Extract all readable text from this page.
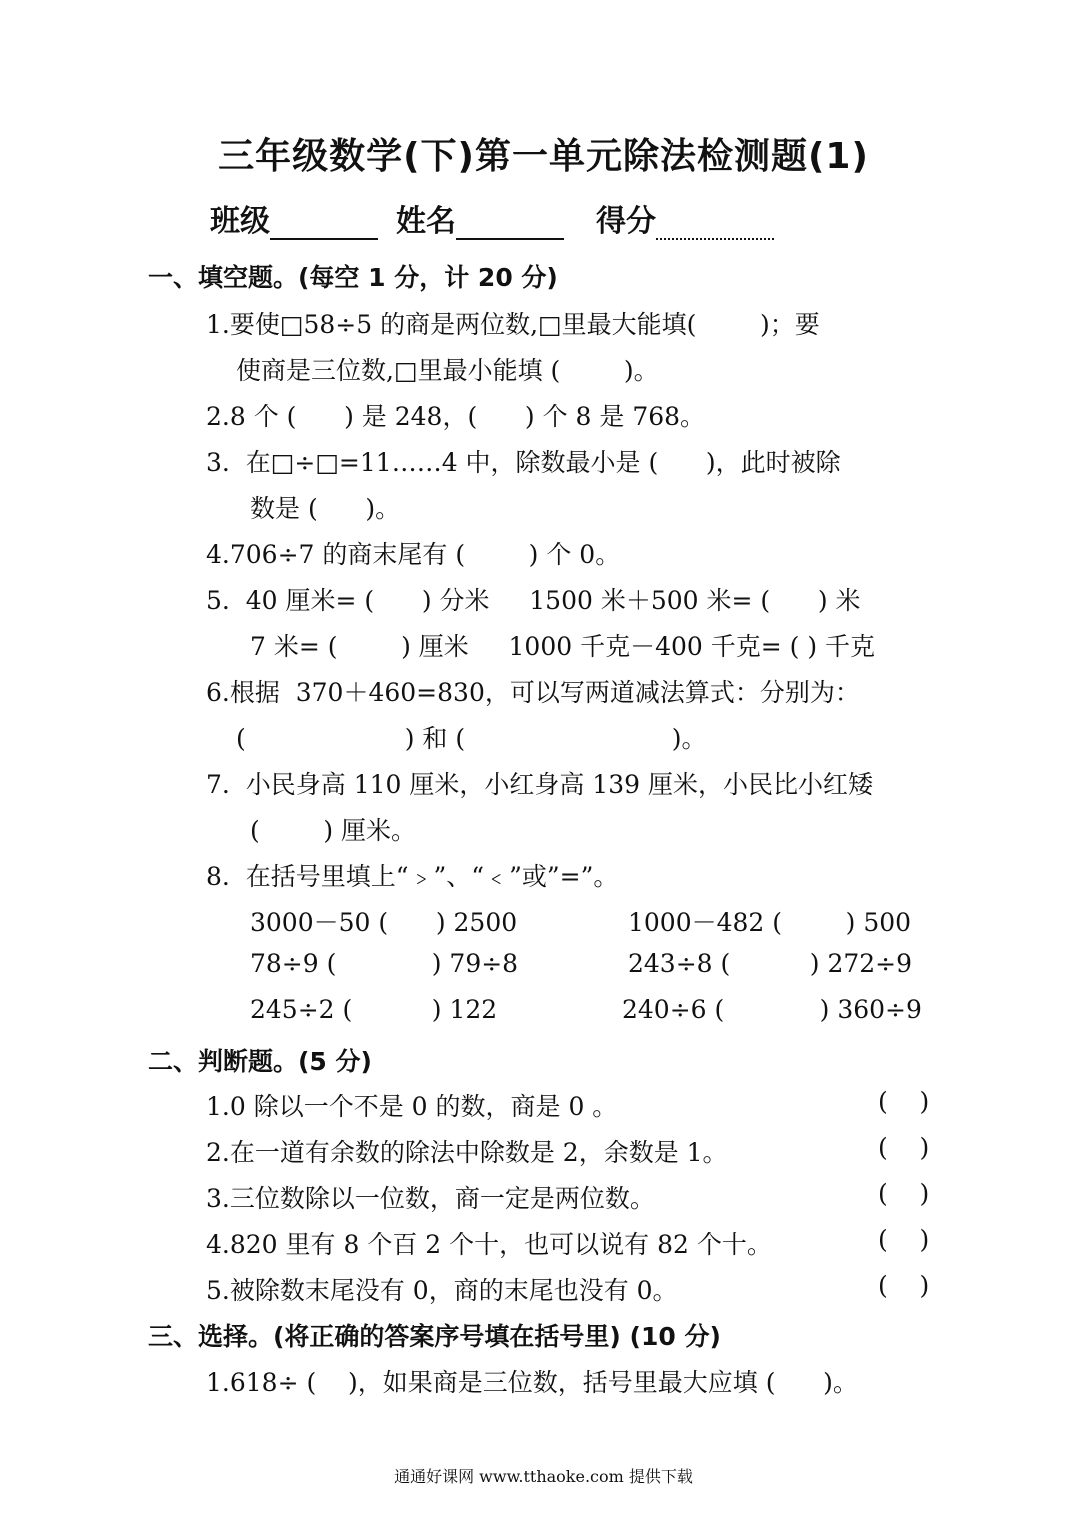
三年级数学(下)第一单元除法检测题(1)
班级	姓名	得分
一、填空题。(每空 1 分，计 20 分)
1.要使□58÷5 的商是两位数,□里最大能填(        )；要
使商是三位数,□里最小能填 (        )。
2.8 个 (      ) 是 248，(      ) 个 8 是 768。
3.  在□÷□=11……4 中，除数最小是 (      )，此时被除
数是 (      )。
4.706÷7 的商末尾有 (        ) 个 0。
5.  40 厘米= (      ) 分米     1500 米＋500 米= (      ) 米
7 米= (        ) 厘米     1000 千克－400 千克= ( ) 千克
6.根据  370＋460=830，可以写两道减法算式：分别为：
(                    ) 和 (                          )。
7.  小民身高 110 厘米，小红身高 139 厘米，小民比小红矮
(        ) 厘米。
8.  在括号里填上“﹥”、“﹤”或”=”。
3000－50 (      ) 2500	1000－482 (        ) 500
78÷9 (            ) 79÷8	243÷8 (          ) 272÷9
245÷2 (          ) 122	240÷6 (            ) 360÷9
二、判断题。(5 分)
1.0 除以一个不是 0 的数，商是 0 。	(    )
2.在一道有余数的除法中除数是 2，余数是 1。	(    )
3.三位数除以一位数，商一定是两位数。	(    )
4.820 里有 8 个百 2 个十，也可以说有 82 个十。	(    )
5.被除数末尾没有 0，商的末尾也没有 0。	(    )
三、选择。(将正确的答案序号填在括号里) (10 分)
1.618÷ (    )，如果商是三位数，括号里最大应填 (      )。
通通好课网 www.tthaoke.com 提供下载
